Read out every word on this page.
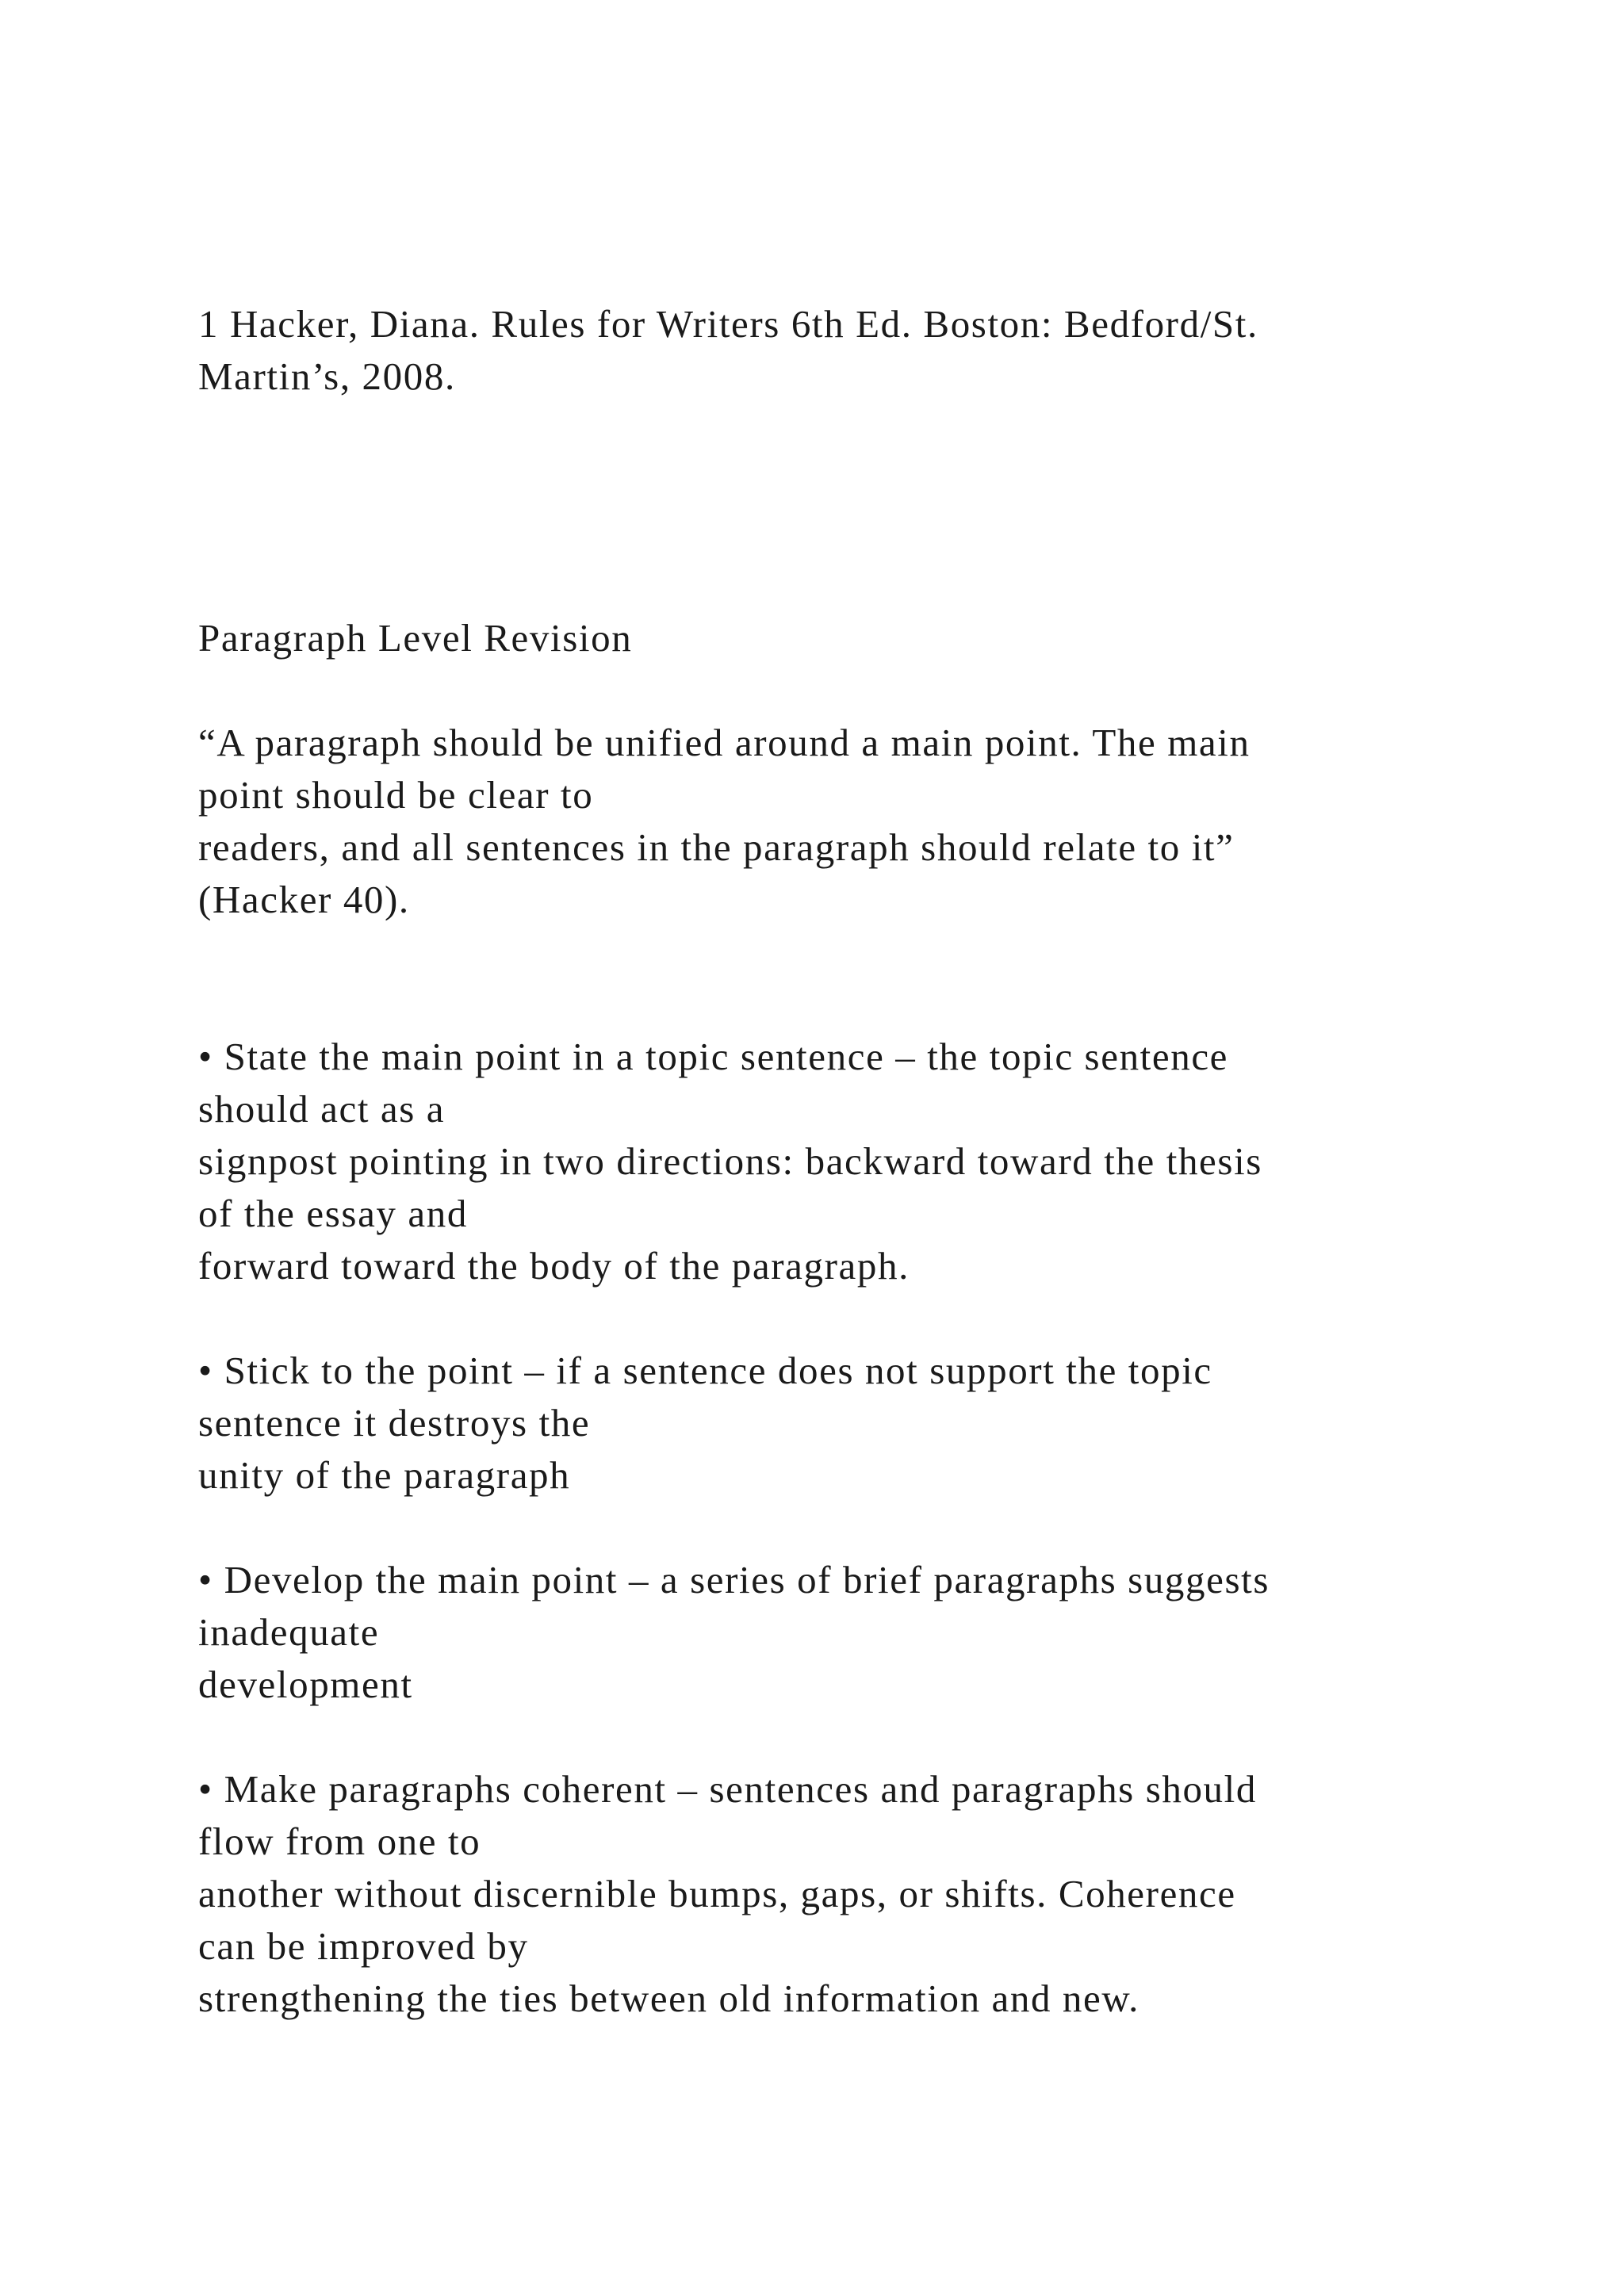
1 Hacker, Diana. Rules for Writers 6th Ed. Boston: Bedford/St.
Martin’s, 2008.
Paragraph Level Revision
“A paragraph should be unified around a main point. The main
point should be clear to
readers, and all sentences in the paragraph should relate to it”
(Hacker 40).
• State the main point in a topic sentence – the topic sentence
should act as a
signpost pointing in two directions: backward toward the thesis
of the essay and
forward toward the body of the paragraph.
• Stick to the point – if a sentence does not support the topic
sentence it destroys the
unity of the paragraph
• Develop the main point – a series of brief paragraphs suggests
inadequate
development
• Make paragraphs coherent – sentences and paragraphs should
flow from one to
another without discernible bumps, gaps, or shifts. Coherence
can be improved by
strengthening the ties between old information and new.
